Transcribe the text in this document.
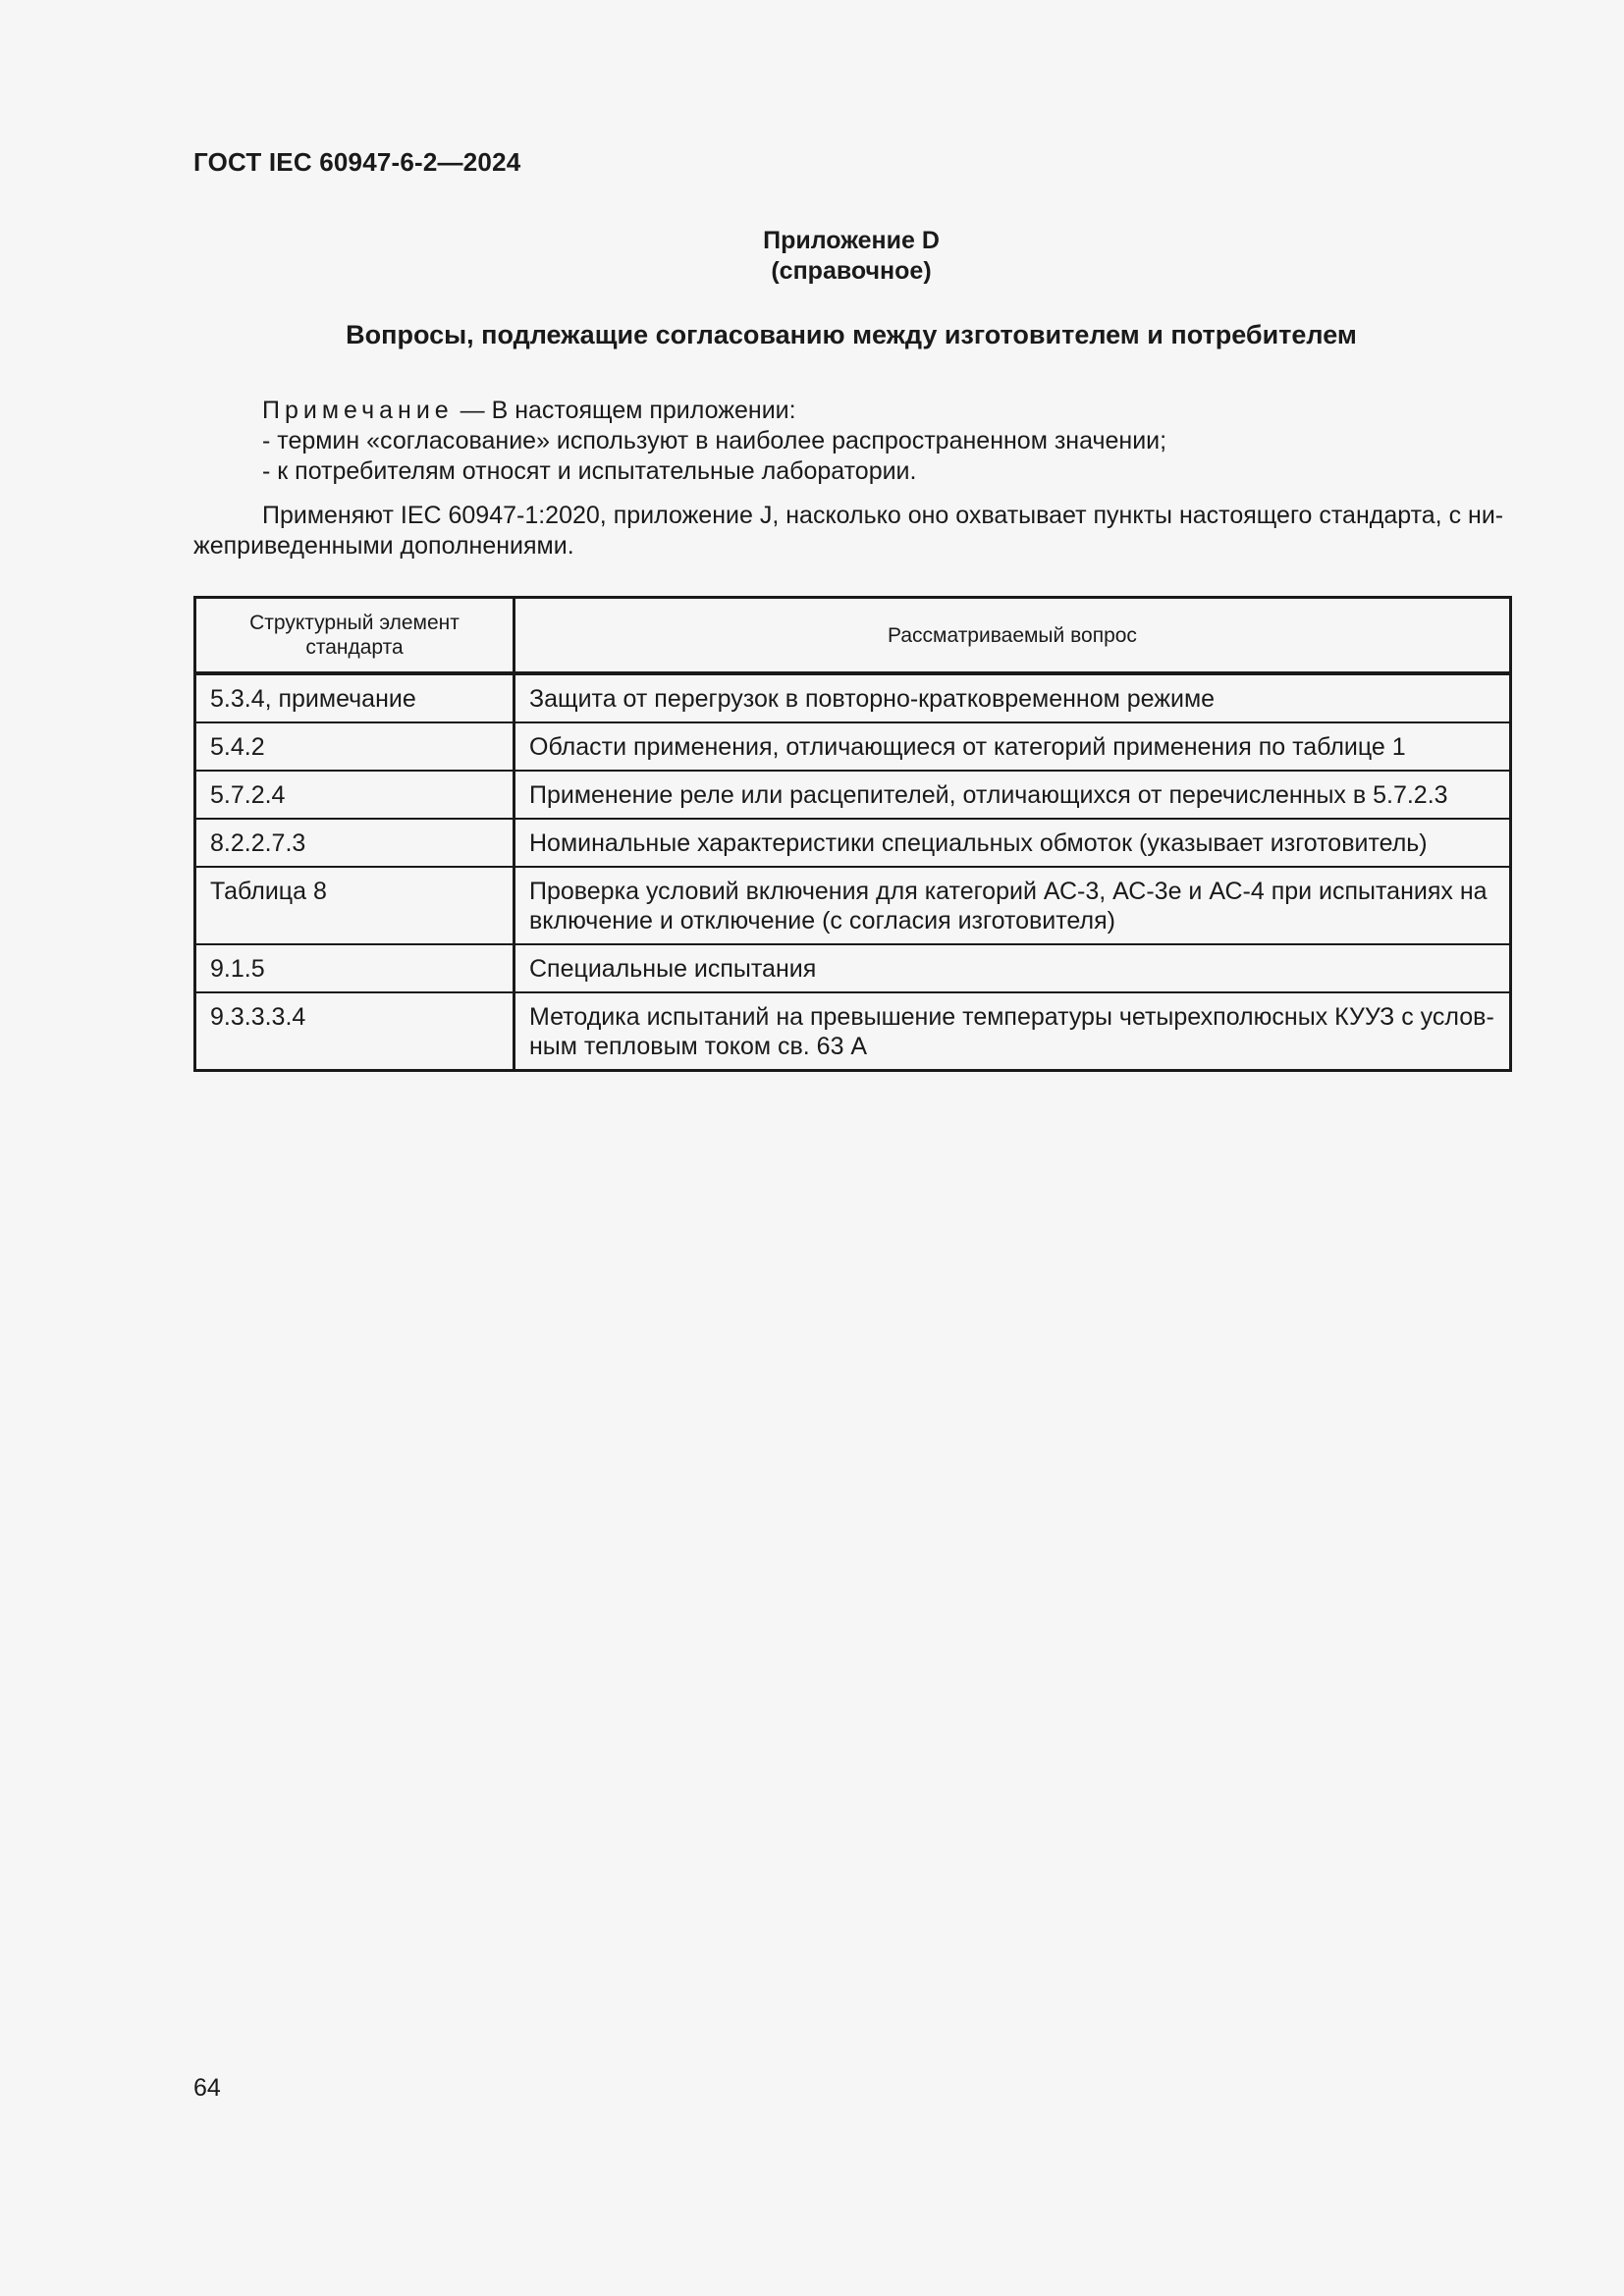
ГОСТ IEC 60947-6-2—2024
Приложение D
(справочное)
Вопросы, подлежащие согласованию между изготовителем и потребителем
Примечание — В настоящем приложении:
- термин «согласование» используют в наиболее распространенном значении;
- к потребителям относят и испытательные лаборатории.
Применяют IEC 60947-1:2020, приложение J, насколько оно охватывает пункты настоящего стандарта, с нижеприведенными дополнениями.
Структурный элемент стандарта	Рассматриваемый вопрос
5.3.4, примечание	Защита от перегрузок в повторно-кратковременном режиме
5.4.2	Области применения, отличающиеся от категорий применения по таблице 1
5.7.2.4	Применение реле или расцепителей, отличающихся от перечисленных в 5.7.2.3
8.2.2.7.3	Номинальные характеристики специальных обмоток (указывает изготовитель)
Таблица 8	Проверка условий включения для категорий АС-3, АС-3е и АС-4 при испытаниях на включение и отключение (с согласия изготовителя)
9.1.5	Специальные испытания
9.3.3.3.4	Методика испытаний на превышение температуры четырехполюсных КУУЗ с условным тепловым током св. 63 А
64
